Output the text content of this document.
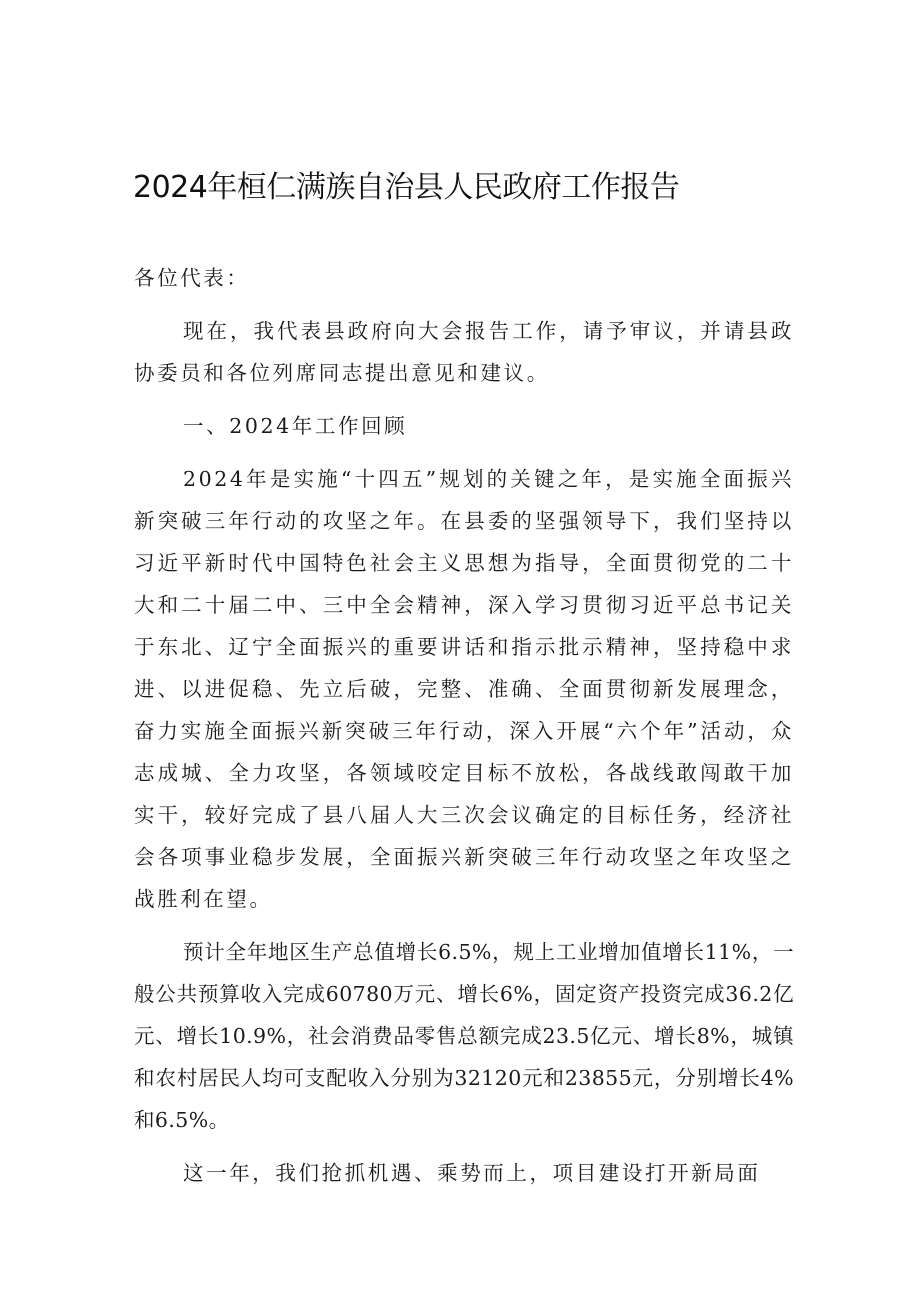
2024年桓仁满族自治县人民政府工作报告

各位代表：

现在，我代表县政府向大会报告工作，请予审议，并请县政协委员和各位列席同志提出意见和建议。

一、2024年工作回顾

2024年是实施“十四五”规划的关键之年，是实施全面振兴新突破三年行动的攻坚之年。在县委的坚强领导下，我们坚持以习近平新时代中国特色社会主义思想为指导，全面贯彻党的二十大和二十届二中、三中全会精神，深入学习贯彻习近平总书记关于东北、辽宁全面振兴的重要讲话和指示批示精神，坚持稳中求进、以进促稳、先立后破，完整、准确、全面贯彻新发展理念，奋力实施全面振兴新突破三年行动，深入开展“六个年”活动，众志成城、全力攻坚，各领域咬定目标不放松，各战线敢闯敢干加实干，较好完成了县八届人大三次会议确定的目标任务，经济社会各项事业稳步发展，全面振兴新突破三年行动攻坚之年攻坚之战胜利在望。

预计全年地区生产总值增长6.5%，规上工业增加值增长11%，一般公共预算收入完成60780万元、增长6%，固定资产投资完成36.2亿元、增长10.9%，社会消费品零售总额完成23.5亿元、增长8%，城镇和农村居民人均可支配收入分别为32120元和23855元，分别增长4%和6.5%。

这一年，我们抢抓机遇、乘势而上，项目建设打开新局面
